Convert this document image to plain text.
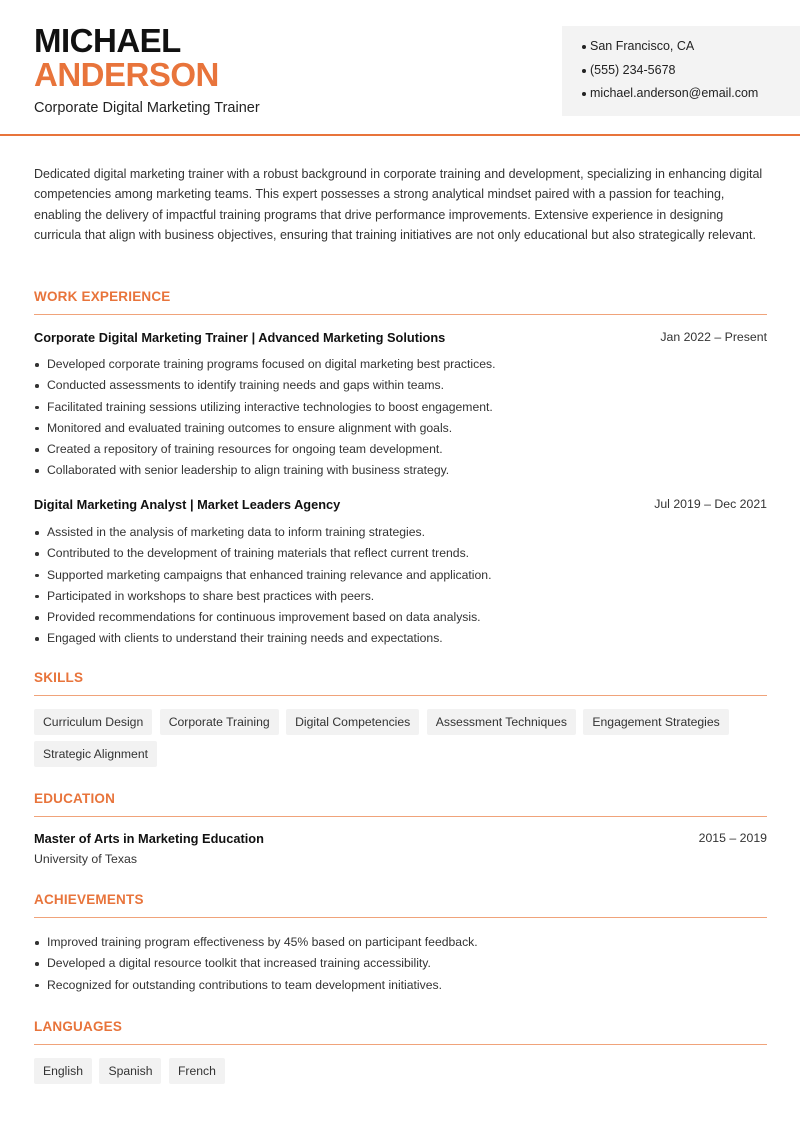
MICHAEL
ANDERSON
Corporate Digital Marketing Trainer
San Francisco, CA
(555) 234-5678
michael.anderson@email.com

Dedicated digital marketing trainer with a robust background in corporate training and development, specializing in enhancing digital competencies among marketing teams. This expert possesses a strong analytical mindset paired with a passion for teaching, enabling the delivery of impactful training programs that drive performance improvements. Extensive experience in designing curricula that align with business objectives, ensuring that training initiatives are not only educational but also strategically relevant.

WORK EXPERIENCE
Corporate Digital Marketing Trainer | Advanced Marketing Solutions	Jan 2022 – Present
Developed corporate training programs focused on digital marketing best practices.
Conducted assessments to identify training needs and gaps within teams.
Facilitated training sessions utilizing interactive technologies to boost engagement.
Monitored and evaluated training outcomes to ensure alignment with goals.
Created a repository of training resources for ongoing team development.
Collaborated with senior leadership to align training with business strategy.
Digital Marketing Analyst | Market Leaders Agency	Jul 2019 – Dec 2021
Assisted in the analysis of marketing data to inform training strategies.
Contributed to the development of training materials that reflect current trends.
Supported marketing campaigns that enhanced training relevance and application.
Participated in workshops to share best practices with peers.
Provided recommendations for continuous improvement based on data analysis.
Engaged with clients to understand their training needs and expectations.
SKILLS
Curriculum Design Corporate Training Digital Competencies Assessment Techniques Engagement Strategies Strategic Alignment
EDUCATION
Master of Arts in Marketing Education	2015 – 2019
University of Texas
ACHIEVEMENTS
Improved training program effectiveness by 45% based on participant feedback.
Developed a digital resource toolkit that increased training accessibility.
Recognized for outstanding contributions to team development initiatives.
LANGUAGES
English Spanish French
